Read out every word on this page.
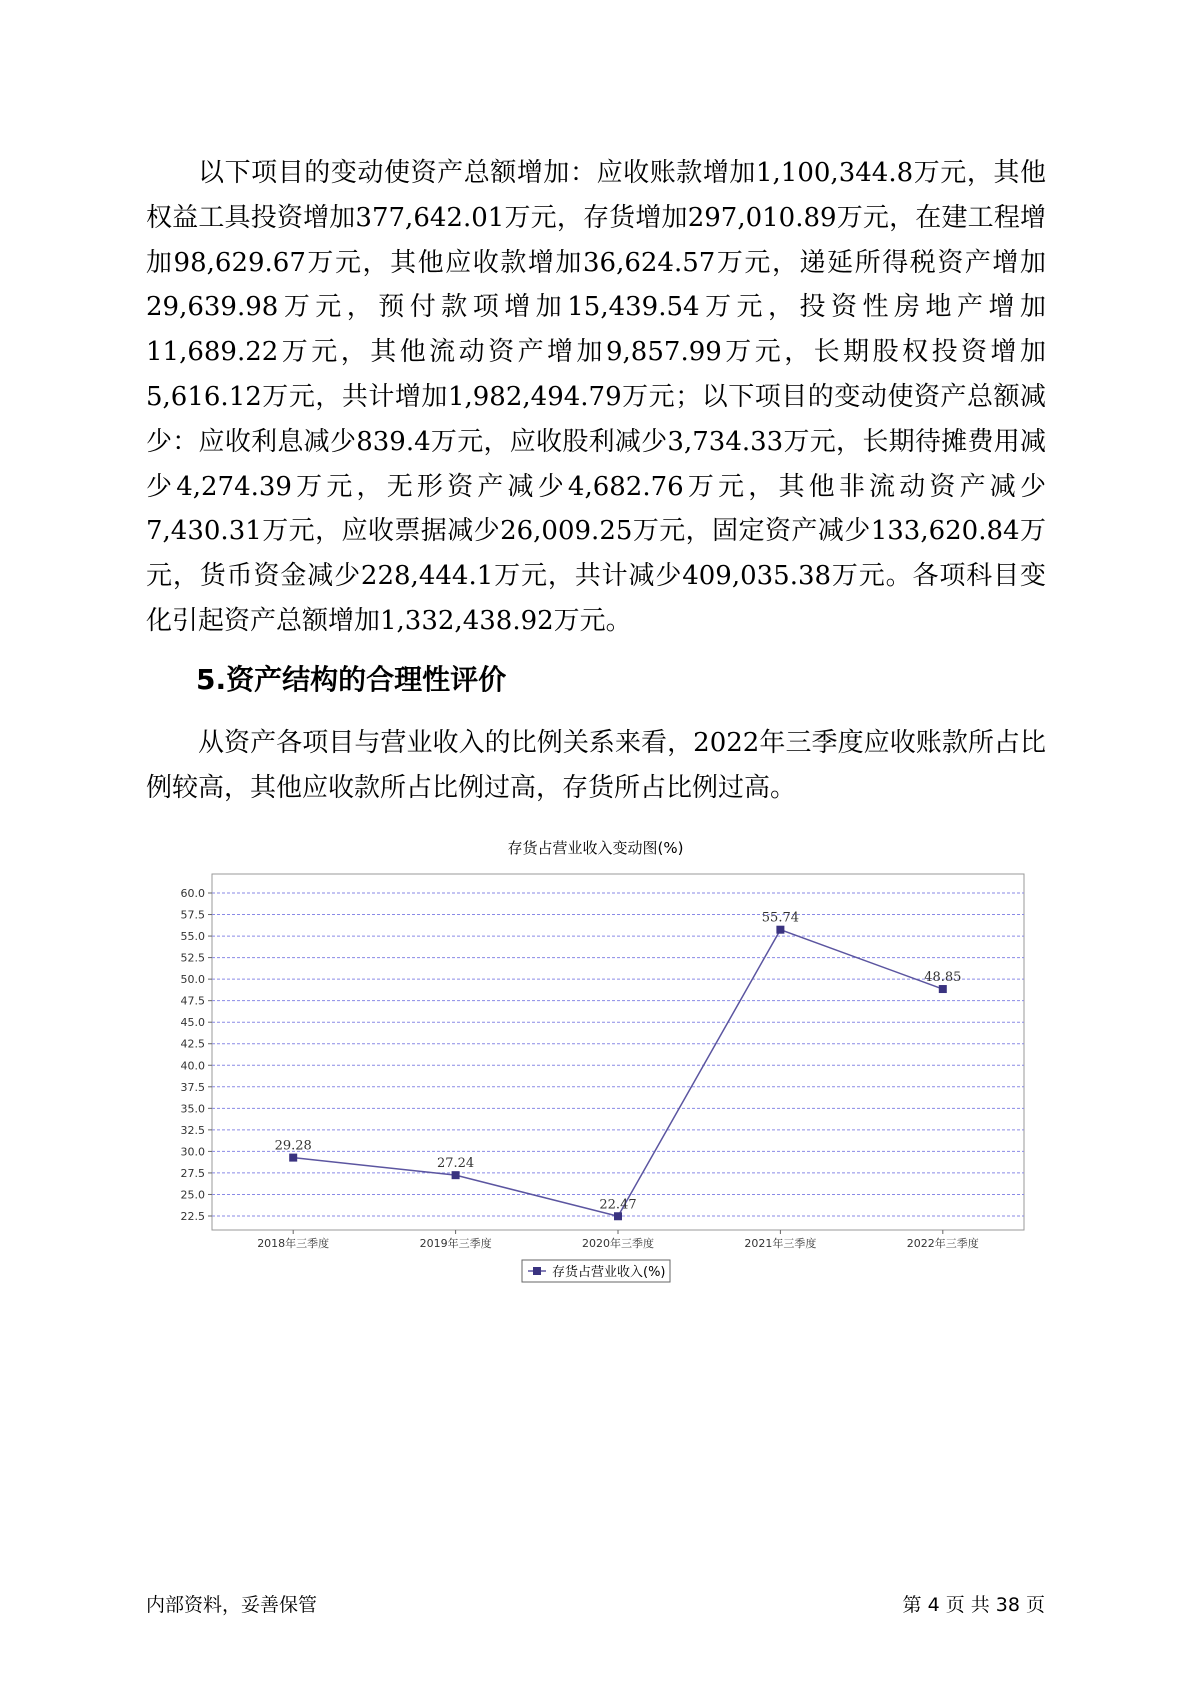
以下项目的变动使资产总额增加：应收账款增加1,100,344.8万元，其他权益工具投资增加377,642.01万元，存货增加297,010.89万元，在建工程增加98,629.67万元，其他应收款增加36,624.57万元，递延所得税资产增加29,639.98万元，预付款项增加15,439.54万元，投资性房地产增加11,689.22万元，其他流动资产增加9,857.99万元，长期股权投资增加5,616.12万元，共计增加1,982,494.79万元；以下项目的变动使资产总额减少：应收利息减少839.4万元，应收股利减少3,734.33万元，长期待摊费用减少4,274.39万元，无形资产减少4,682.76万元，其他非流动资产减少7,430.31万元，应收票据减少26,009.25万元，固定资产减少133,620.84万元，货币资金减少228,444.1万元，共计减少409,035.38万元。各项科目变化引起资产总额增加1,332,438.92万元。

5.资产结构的合理性评价

从资产各项目与营业收入的比例关系来看，2022年三季度应收账款所占比例较高，其他应收款所占比例过高，存货所占比例过高。

存货占营业收入变动图(%)
22.5
25.0
27.5
30.0
32.5
35.0
37.5
40.0
42.5
45.0
47.5
50.0
52.5
55.0
57.5
60.0
2018年三季度	2019年三季度	2020年三季度	2021年三季度	2022年三季度
29.28
27.24
22.47
55.74
48.85
存货占营业收入(%)
内部资料，妥善保管	第 4 页 共 38 页
